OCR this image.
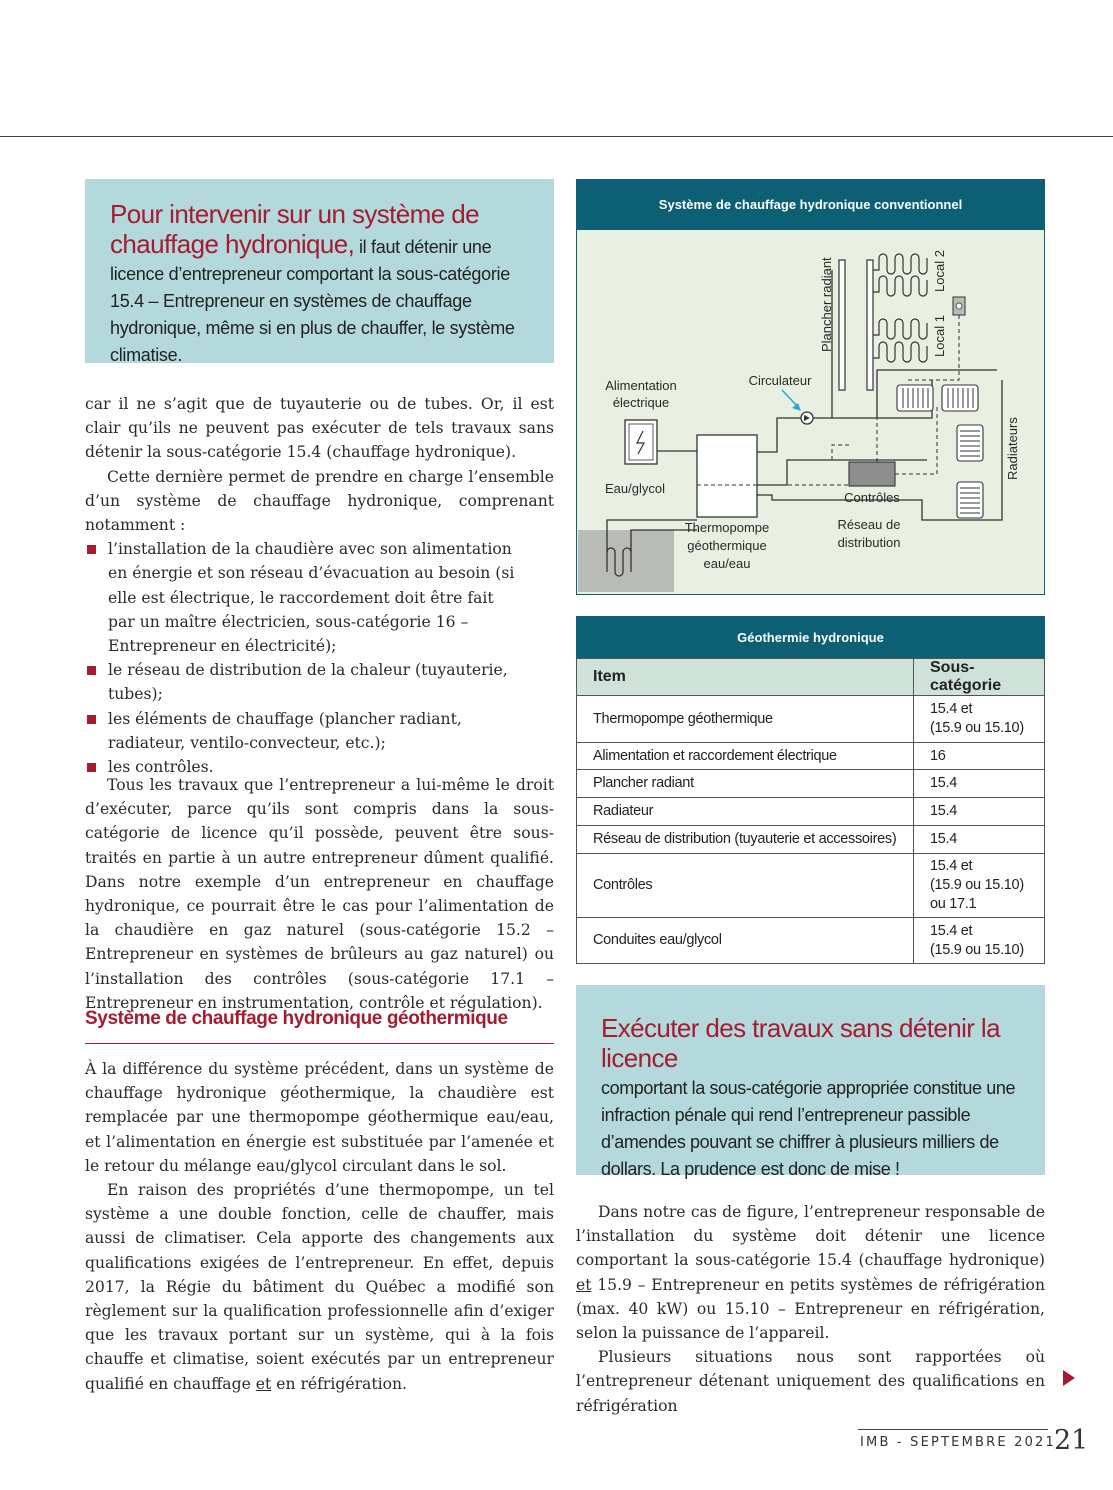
Pour intervenir sur un système de chauffage hydronique, il faut détenir une licence d’entrepreneur comportant la sous-catégorie 15.4 – Entrepreneur en systèmes de chauffage hydronique, même si en plus de chauffer, le système climatise.

car il ne s’agit que de tuyauterie ou de tubes. Or, il est clair qu’ils ne peuvent pas exécuter de tels travaux sans détenir la sous-catégorie 15.4 (chauffage hydronique).

Cette dernière permet de prendre en charge l’ensemble d’un système de chauffage hydronique, comprenant notamment :

l’installation de la chaudière avec son alimentation en énergie et son réseau d’évacuation au besoin (si elle est électrique, le raccordement doit être fait par un maître électricien, sous-catégorie 16 – Entrepreneur en électricité);
le réseau de distribution de la chaleur (tuyauterie, tubes);
les éléments de chauffage (plancher radiant, radiateur, ventilo-convecteur, etc.);
les contrôles.

Tous les travaux que l’entrepreneur a lui-même le droit d’exécuter, parce qu’ils sont compris dans la sous-catégorie de licence qu’il possède, peuvent être sous-traités en partie à un autre entrepreneur dûment qualifié. Dans notre exemple d’un entrepreneur en chauffage hydronique, ce pourrait être le cas pour l’alimentation de la chaudière en gaz naturel (sous-catégorie 15.2 – Entrepreneur en systèmes de brûleurs au gaz naturel) ou l’installation des contrôles (sous-catégorie 17.1 – Entrepreneur en instrumentation, contrôle et régulation).

Système de chauffage hydronique géothermique

À la différence du système précédent, dans un système de chauffage hydronique géothermique, la chaudière est remplacée par une thermopompe géothermique eau/eau, et l’alimentation en énergie est substituée par l’amenée et le retour du mélange eau/glycol circulant dans le sol.

En raison des propriétés d’une thermopompe, un tel système a une double fonction, celle de chauffer, mais aussi de climatiser. Cela apporte des changements aux qualifications exigées de l’entrepreneur. En effet, depuis 2017, la Régie du bâtiment du Québec a modifié son règlement sur la qualification professionnelle afin d’exiger que les travaux portant sur un système, qui à la fois chauffe et climatise, soient exécutés par un entrepreneur qualifié en chauffage et en réfrigération.

Système de chauffage hydronique conventionnel
Alimentation
électrique
Circulateur
Eau/glycol
Thermopompe
géothermique
eau/eau
Contrôles
Réseau de
distribution
Plancher radiant	Local 2
Local 1
Radiateurs
Géothermie hydronique
Item	Sous-catégorie
Thermopompe géothermique	15.4 et
(15.9 ou 15.10)
Alimentation et raccordement électrique	16
Plancher radiant	15.4
Radiateur	15.4
Réseau de distribution (tuyauterie et accessoires)	15.4
Contrôles	15.4 et
(15.9 ou 15.10)
ou 17.1
Conduites eau/glycol	15.4 et
(15.9 ou 15.10)

Exécuter des travaux sans détenir la licence
comportant la sous-catégorie appropriée constitue une infraction pénale qui rend l’entrepreneur passible d’amendes pouvant se chiffrer à plusieurs milliers de dollars. La prudence est donc de mise !

Dans notre cas de figure, l’entrepreneur responsable de l’installation du système doit détenir une licence comportant la sous-catégorie 15.4 (chauffage hydronique) et 15.9 – Entrepreneur en petits systèmes de réfrigération (max. 40 kW) ou 15.10 – Entrepreneur en réfrigération, selon la puissance de l’appareil.

Plusieurs situations nous sont rapportées où l’entrepreneur détenant uniquement des qualifications en réfrigération

IMB - SEPTEMBRE 2021
21
